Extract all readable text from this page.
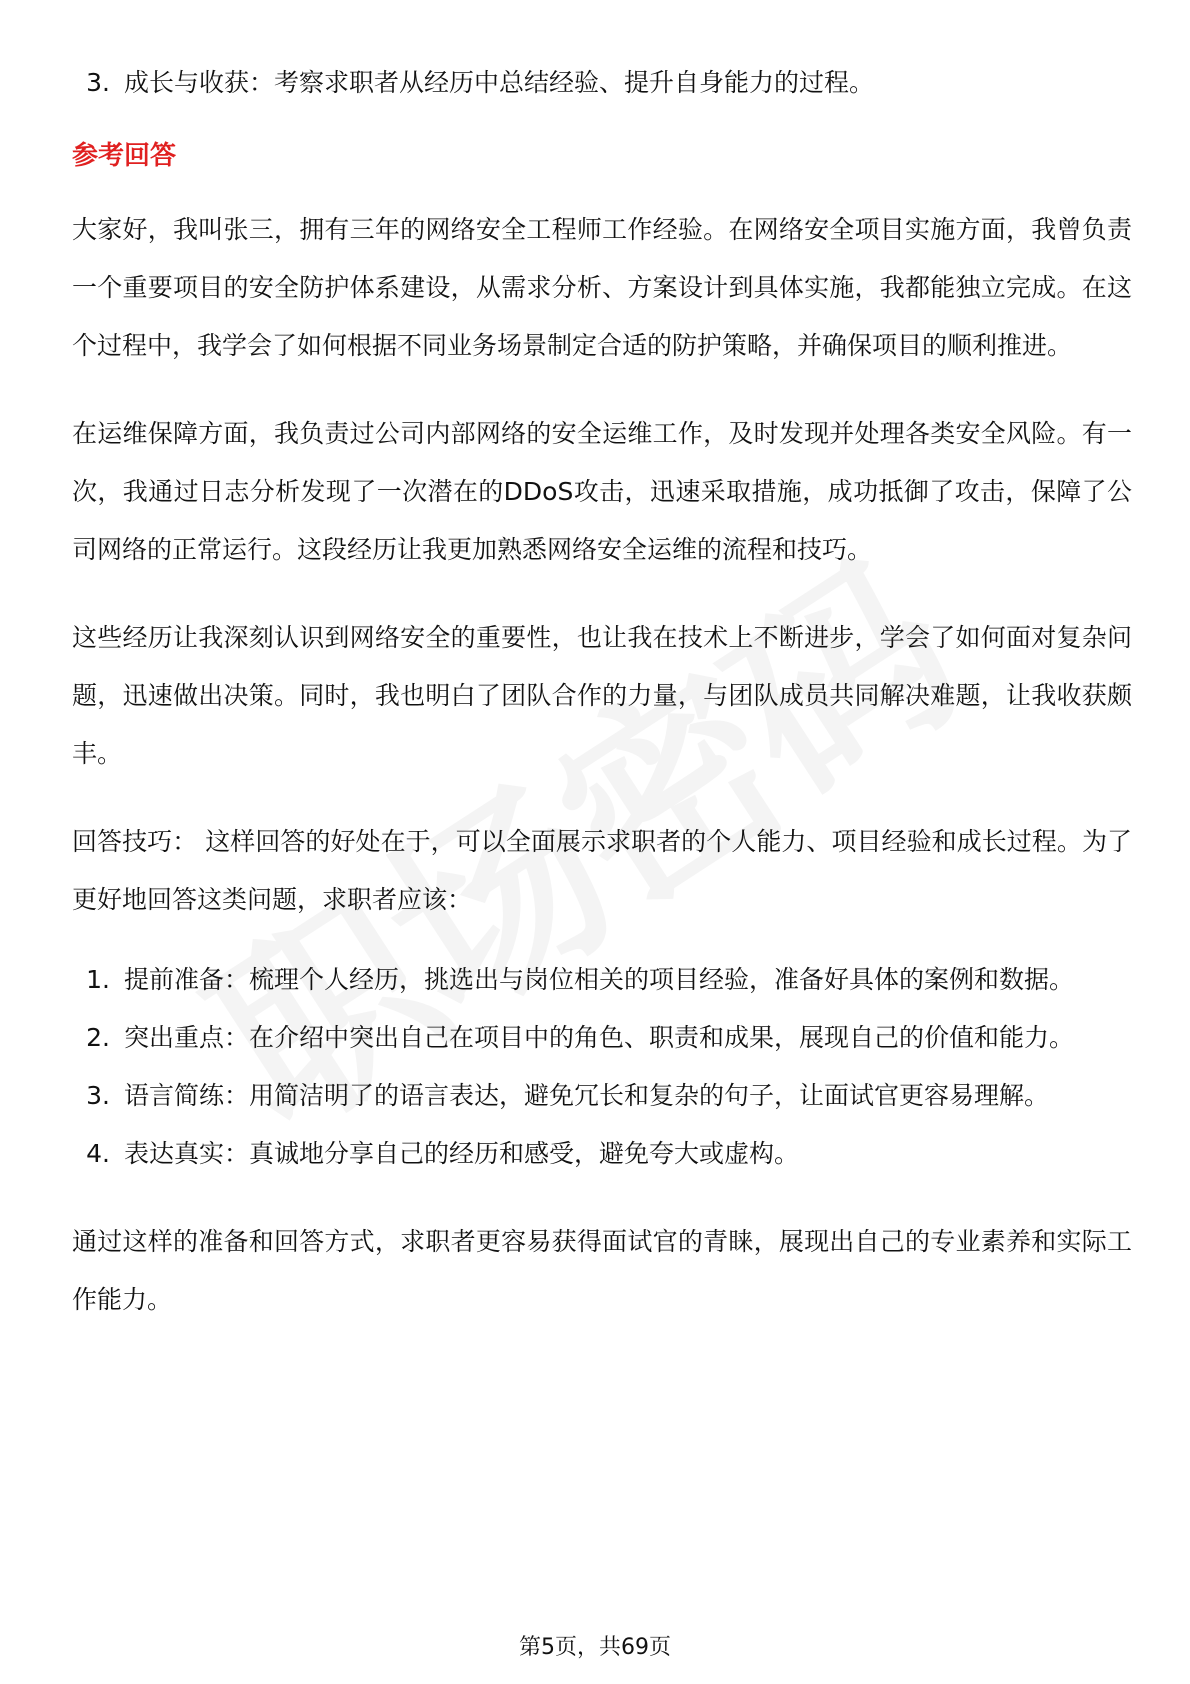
3. 成长与收获：考察求职者从经历中总结经验、提升自身能力的过程。
参考回答

大家好，我叫张三，拥有三年的网络安全工程师工作经验。在网络安全项目实施方面，我曾负责一个重要项目的安全防护体系建设，从需求分析、方案设计到具体实施，我都能独立完成。在这个过程中，我学会了如何根据不同业务场景制定合适的防护策略，并确保项目的顺利推进。

在运维保障方面，我负责过公司内部网络的安全运维工作，及时发现并处理各类安全风险。有一次，我通过日志分析发现了一次潜在的DDoS攻击，迅速采取措施，成功抵御了攻击，保障了公司网络的正常运行。这段经历让我更加熟悉网络安全运维的流程和技巧。

这些经历让我深刻认识到网络安全的重要性，也让我在技术上不断进步，学会了如何面对复杂问题，迅速做出决策。同时，我也明白了团队合作的力量，与团队成员共同解决难题，让我收获颇丰。

回答技巧： 这样回答的好处在于，可以全面展示求职者的个人能力、项目经验和成长过程。为了更好地回答这类问题，求职者应该：

1. 提前准备：梳理个人经历，挑选出与岗位相关的项目经验，准备好具体的案例和数据。
2. 突出重点：在介绍中突出自己在项目中的角色、职责和成果，展现自己的价值和能力。
3. 语言简练：用简洁明了的语言表达，避免冗长和复杂的句子，让面试官更容易理解。
4. 表达真实：真诚地分享自己的经历和感受，避免夸大或虚构。

通过这样的准备和回答方式，求职者更容易获得面试官的青睐，展现出自己的专业素养和实际工作能力。

第5页，共69页
